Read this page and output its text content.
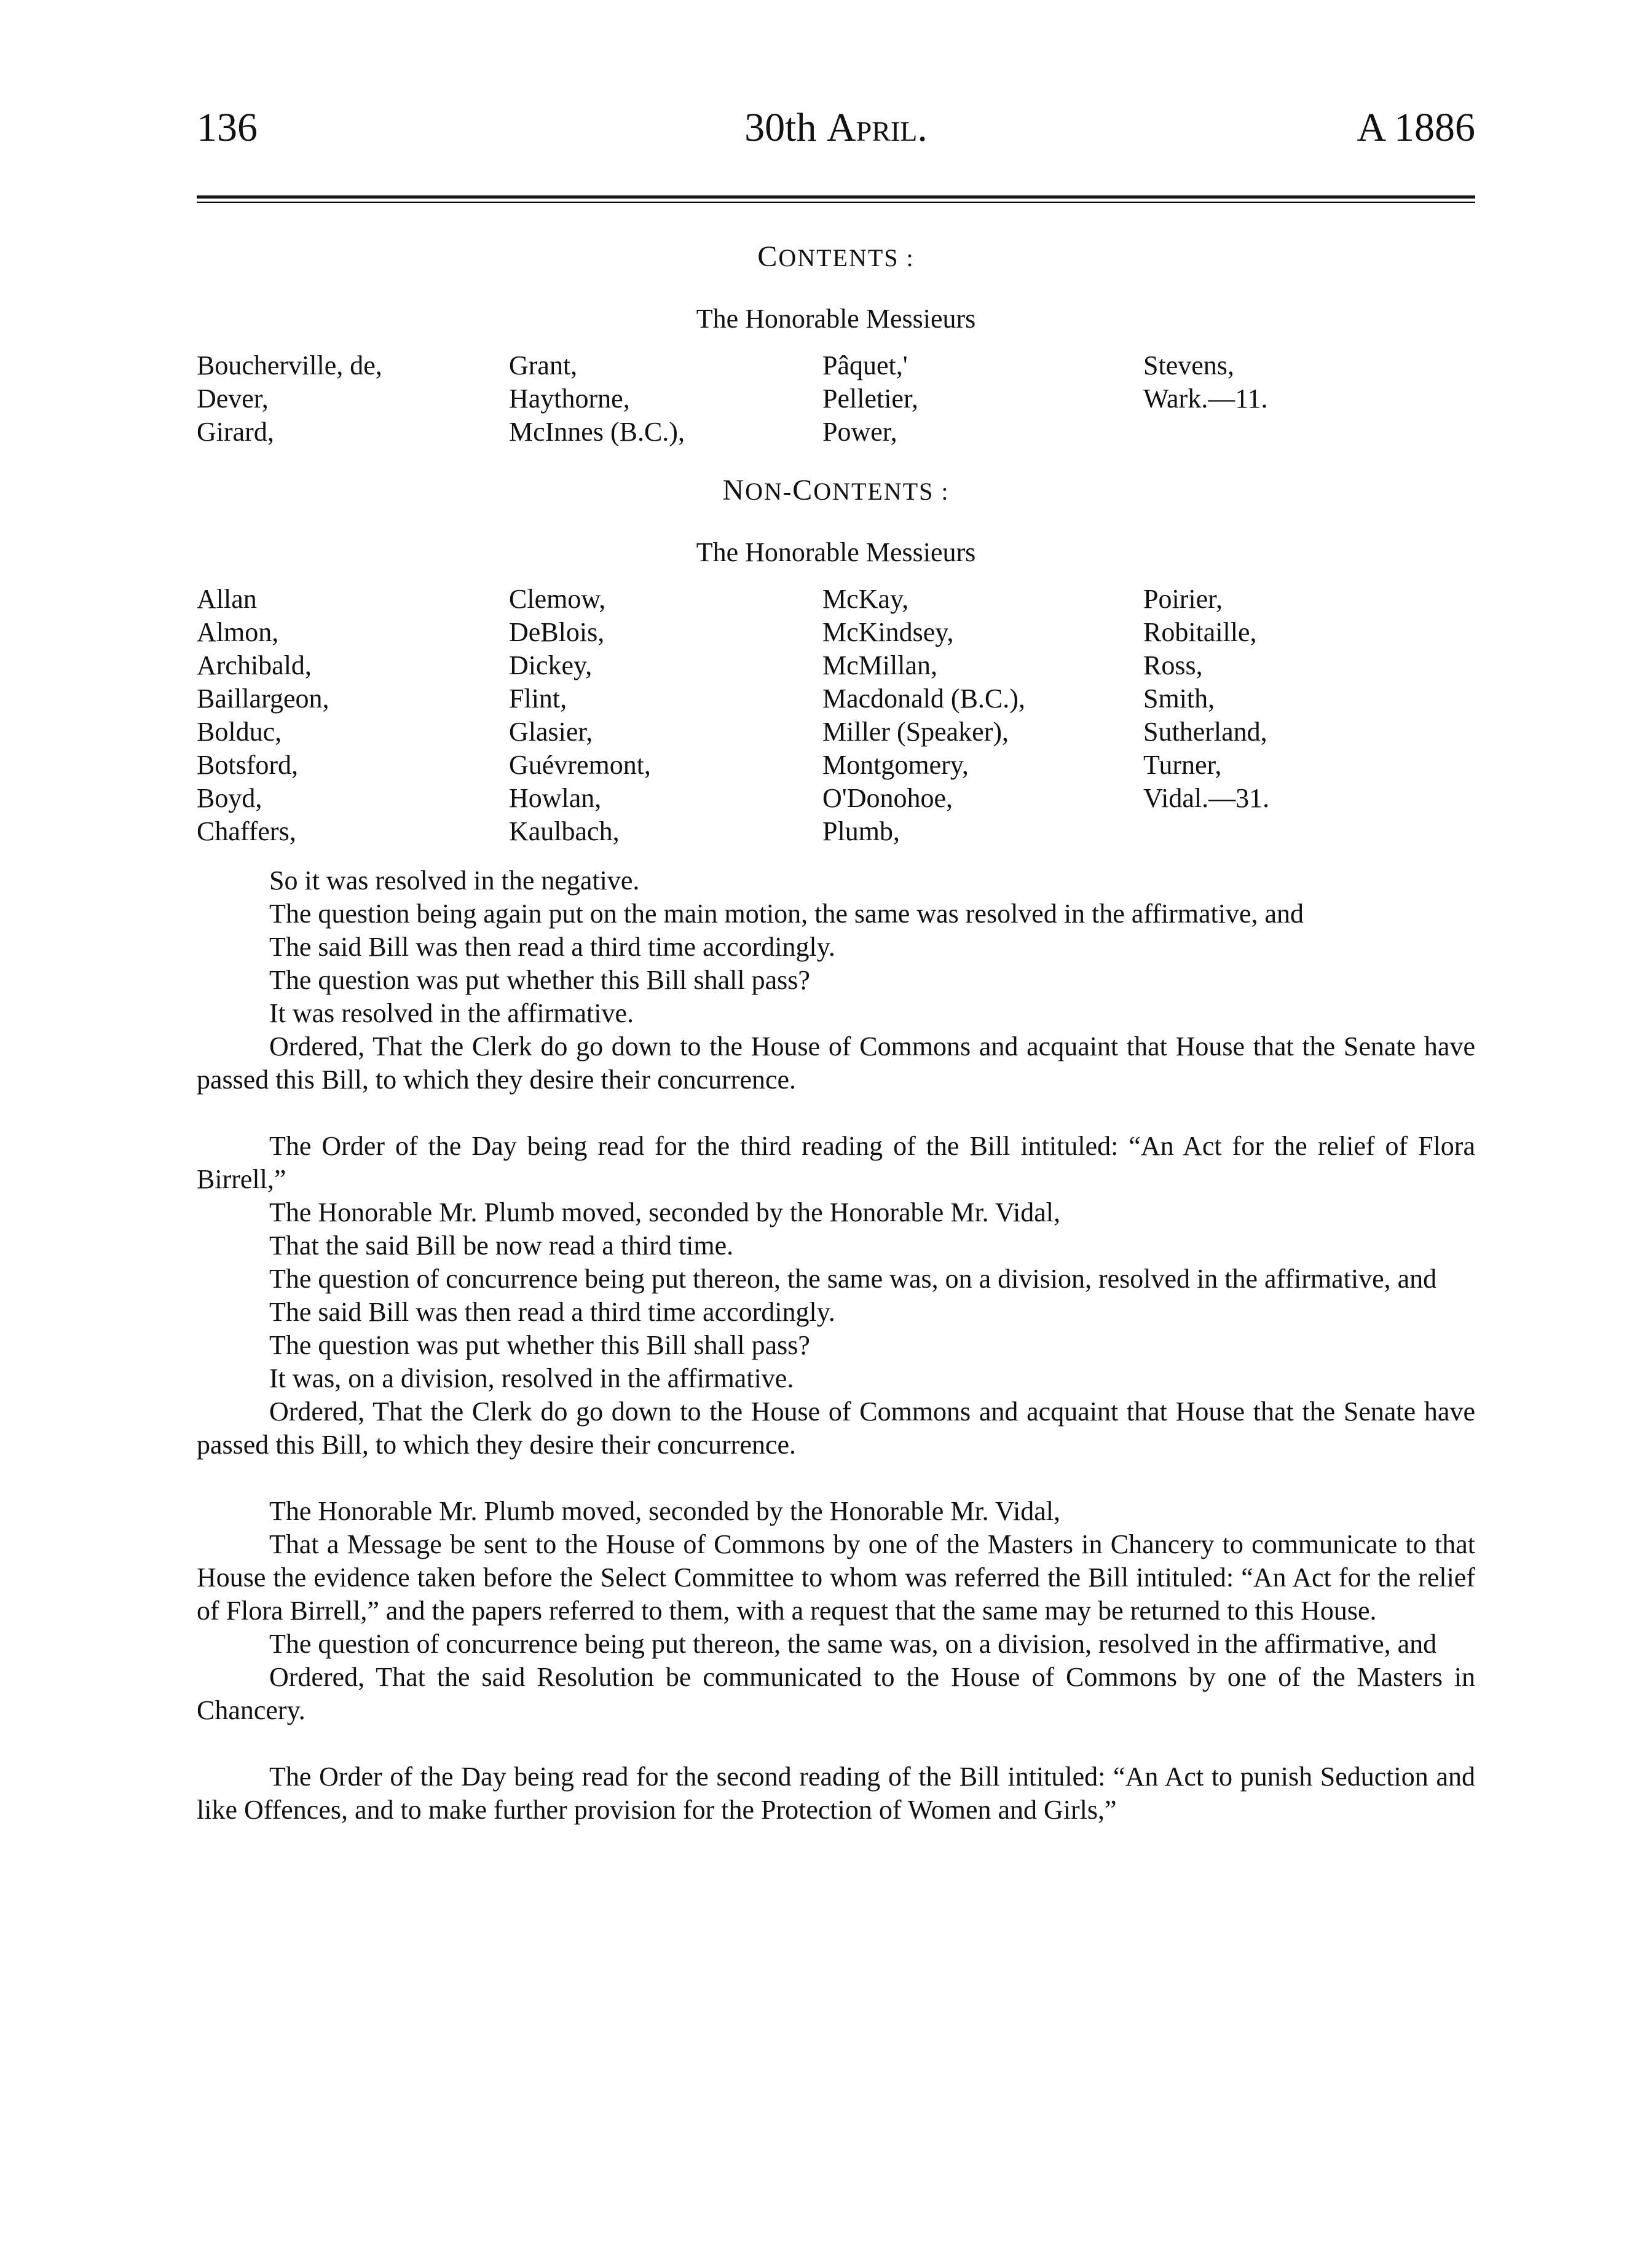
136	30th April.	A 1886
CONTENTS :
The Honorable Messieurs
Boucherville, de,
Dever,
Girard,
Grant,
Haythorne,
McInnes (B.C.),
Pâquet,'
Pelletier,
Power,
Stevens,
Wark.—11.
NON-CONTENTS :
The Honorable Messieurs
Allan
Almon,
Archibald,
Baillargeon,
Bolduc,
Botsford,
Boyd,
Chaffers,
Clemow,
DeBlois,
Dickey,
Flint,
Glasier,
Guévremont,
Howlan,
Kaulbach,
McKay,
McKindsey,
McMillan,
Macdonald (B.C.),
Miller (Speaker),
Montgomery,
O'Donohoe,
Plumb,
Poirier,
Robitaille,
Ross,
Smith,
Sutherland,
Turner,
Vidal.—31.

So it was resolved in the negative.

The question being again put on the main motion, the same was resolved in the affirmative, and

The said Bill was then read a third time accordingly.

The question was put whether this Bill shall pass?

It was resolved in the affirmative.

Ordered, That the Clerk do go down to the House of Commons and acquaint that House that the Senate have passed this Bill, to which they desire their concurrence.

The Order of the Day being read for the third reading of the Bill intituled: “An Act for the relief of Flora Birrell,”

The Honorable Mr. Plumb moved, seconded by the Honorable Mr. Vidal,

That the said Bill be now read a third time.

The question of concurrence being put thereon, the same was, on a division, resolved in the affirmative, and

The said Bill was then read a third time accordingly.

The question was put whether this Bill shall pass?

It was, on a division, resolved in the affirmative.

Ordered, That the Clerk do go down to the House of Commons and acquaint that House that the Senate have passed this Bill, to which they desire their concurrence.

The Honorable Mr. Plumb moved, seconded by the Honorable Mr. Vidal,

That a Message be sent to the House of Commons by one of the Masters in Chancery to communicate to that House the evidence taken before the Select Committee to whom was referred the Bill intituled: “An Act for the relief of Flora Birrell,” and the papers referred to them, with a request that the same may be returned to this House.

The question of concurrence being put thereon, the same was, on a division, resolved in the affirmative, and

Ordered, That the said Resolution be communicated to the House of Commons by one of the Masters in Chancery.

The Order of the Day being read for the second reading of the Bill intituled: “An Act to punish Seduction and like Offences, and to make further provision for the Protection of Women and Girls,”
